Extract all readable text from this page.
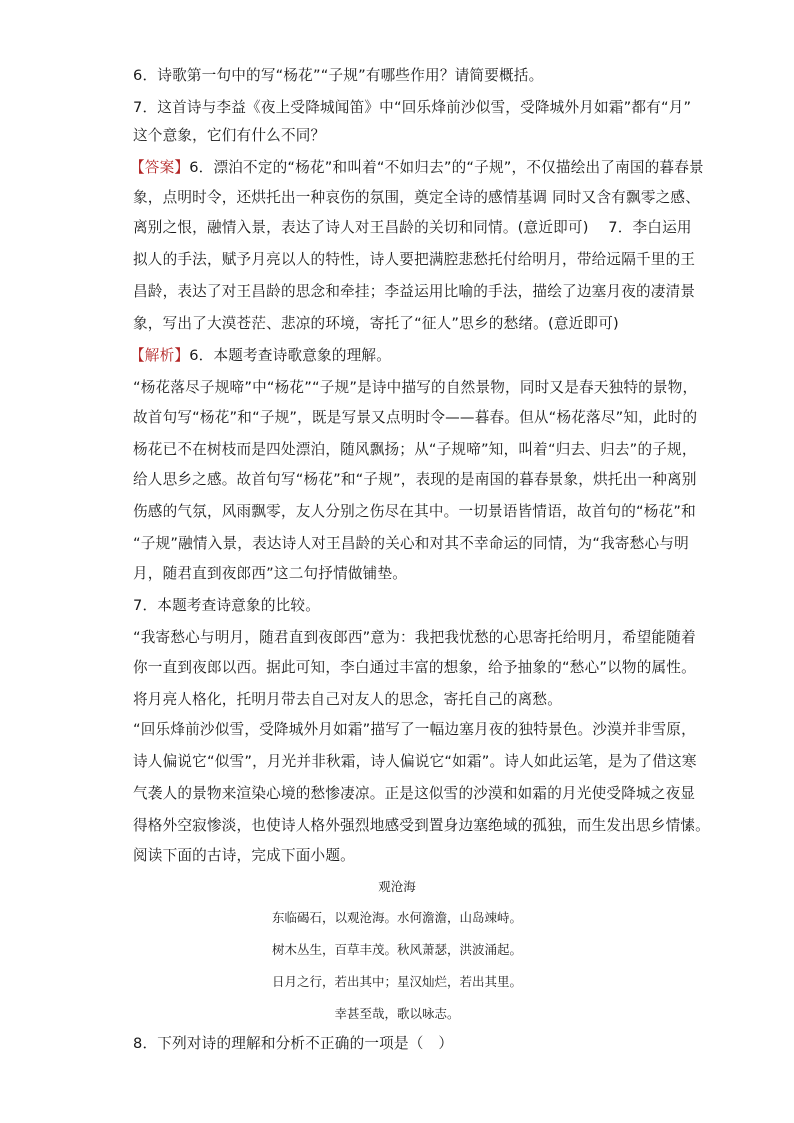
6．诗歌第一句中的写“杨花”“子规”有哪些作用？请简要概括。
7．这首诗与李益《夜上受降城闻笛》中“回乐烽前沙似雪，受降城外月如霜”都有“月”
这个意象，它们有什么不同？
【答案】6．漂泊不定的“杨花”和叫着“不如归去”的“子规”，不仅描绘出了南国的暮春景
象，点明时令，还烘托出一种哀伤的氛围，奠定全诗的感情基调 同时又含有飘零之感、
离别之恨，融情入景，表达了诗人对王昌龄的关切和同情。(意近即可)　 7．李白运用
拟人的手法，赋予月亮以人的特性，诗人要把满腔悲愁托付给明月，带给远隔千里的王
昌龄，表达了对王昌龄的思念和牵挂；李益运用比喻的手法，描绘了边塞月夜的凄清景
象，写出了大漠苍茫、悲凉的环境，寄托了“征人”思乡的愁绪。(意近即可)
【解析】6．本题考查诗歌意象的理解。
“杨花落尽子规啼”中“杨花”“子规”是诗中描写的自然景物，同时又是春天独特的景物，
故首句写“杨花”和“子规”，既是写景又点明时令——暮春。但从“杨花落尽”知，此时的
杨花已不在树枝而是四处漂泊，随风飘扬；从“子规啼”知，叫着“归去、归去”的子规，
给人思乡之感。故首句写“杨花”和“子规”，表现的是南国的暮春景象，烘托出一种离别
伤感的气氛，风雨飘零，友人分别之伤尽在其中。一切景语皆情语，故首句的“杨花”和
“子规”融情入景，表达诗人对王昌龄的关心和对其不幸命运的同情，为“我寄愁心与明
月，随君直到夜郎西”这二句抒情做铺垫。
7．本题考查诗意象的比较。
“我寄愁心与明月，随君直到夜郎西”意为：我把我忧愁的心思寄托给明月，希望能随着
你一直到夜郎以西。据此可知，李白通过丰富的想象，给予抽象的“愁心”以物的属性。
将月亮人格化，托明月带去自己对友人的思念，寄托自己的离愁。
“回乐烽前沙似雪，受降城外月如霜”描写了一幅边塞月夜的独特景色。沙漠并非雪原，
诗人偏说它“似雪”，月光并非秋霜，诗人偏说它“如霜”。诗人如此运笔，是为了借这寒
气袭人的景物来渲染心境的愁惨凄凉。正是这似雪的沙漠和如霜的月光使受降城之夜显
得格外空寂惨淡，也使诗人格外强烈地感受到置身边塞绝域的孤独，而生发出思乡情愫。
阅读下面的古诗，完成下面小题。
观沧海
东临碣石，以观沧海。水何澹澹，山岛竦峙。
树木丛生，百草丰茂。秋风萧瑟，洪波涌起。
日月之行，若出其中；星汉灿烂，若出其里。
幸甚至哉，歌以咏志。
8．下列对诗的理解和分析不正确的一项是（　）
